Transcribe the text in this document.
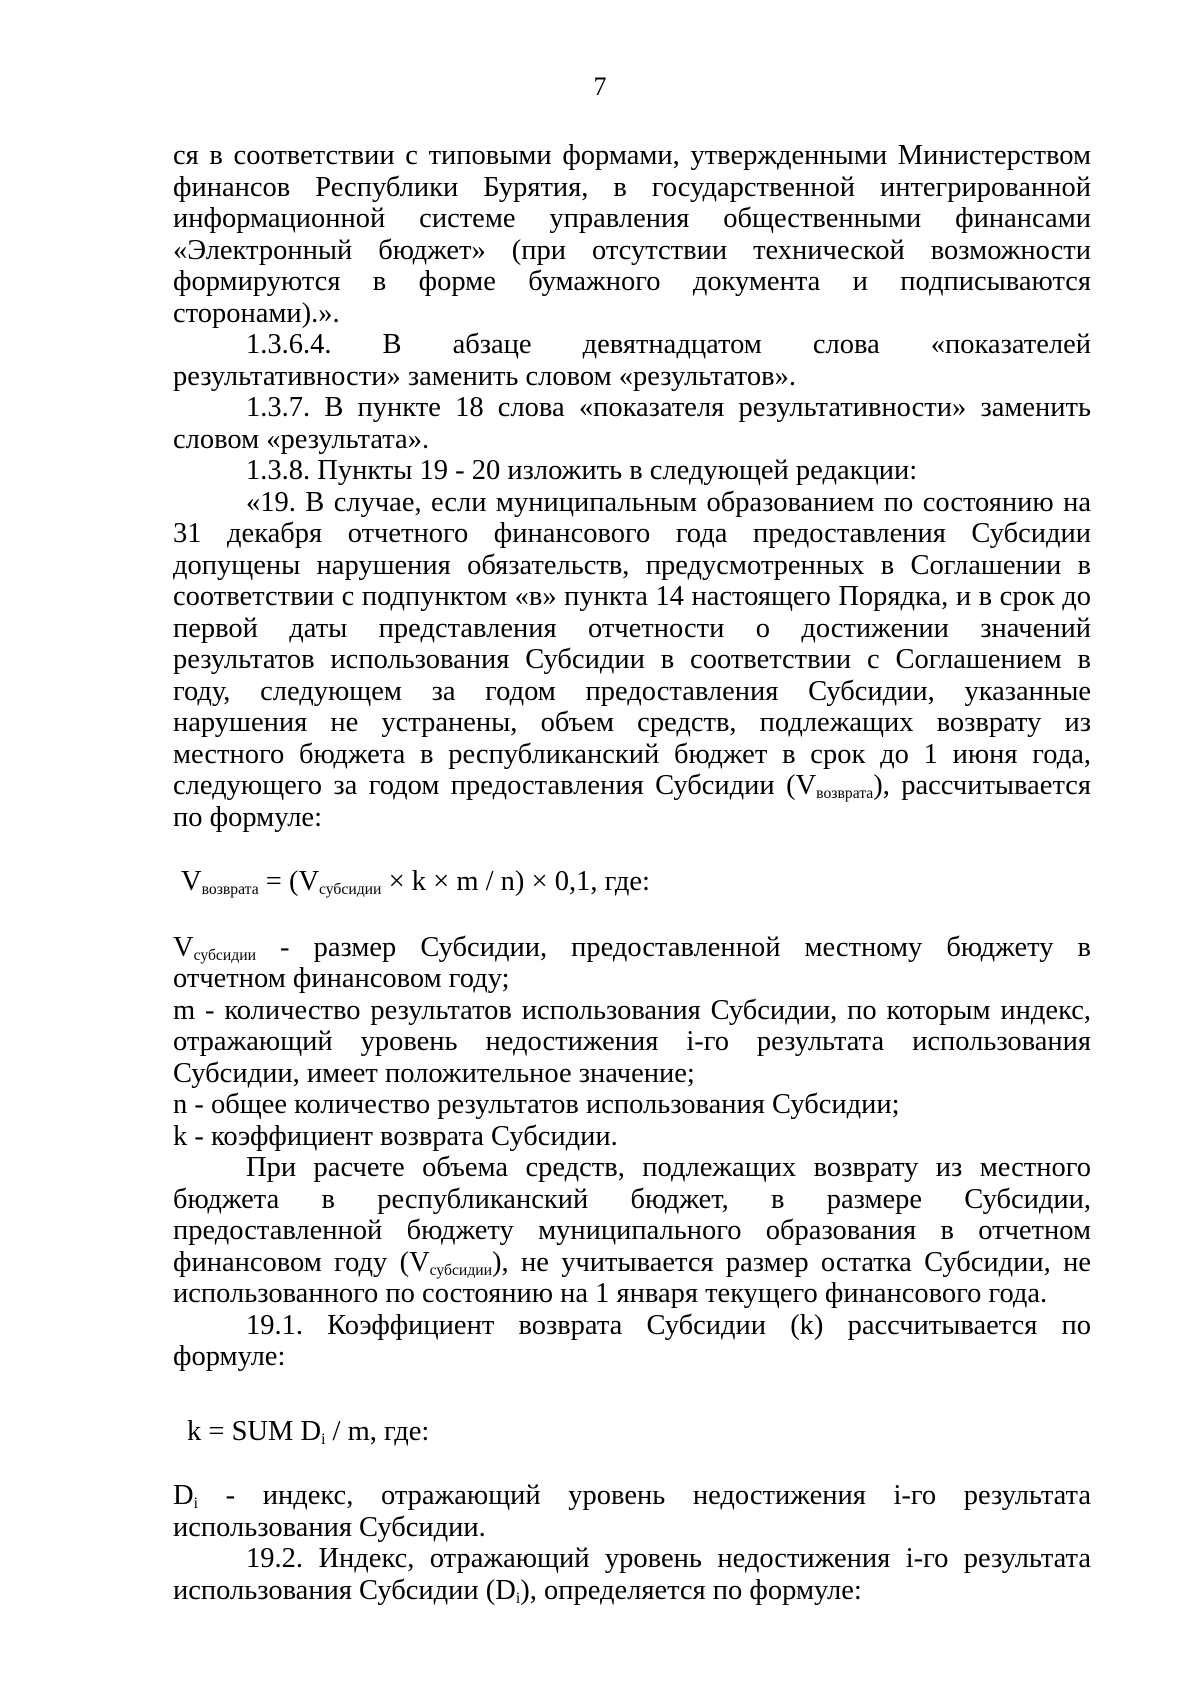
7

ся в соответствии с типовыми формами, утвержденными Министерством финансов Республики Бурятия, в государственной интегрированной информационной системе управления общественными финансами «Электронный бюджет» (при отсутствии технической возможности формируются в форме бумажного документа и подписываются сторонами).».

1.3.6.4. В абзаце девятнадцатом слова «показателей результативности» заменить словом «результатов».

1.3.7. В пункте 18 слова «показателя результативности» заменить словом «результата».

1.3.8. Пункты 19 - 20 изложить в следующей редакции:

«19. В случае, если муниципальным образованием по состоянию на 31 декабря отчетного финансового года предоставления Субсидии допущены нарушения обязательств, предусмотренных в Соглашении в соответствии с подпунктом «в» пункта 14 настоящего Порядка, и в срок до первой даты представления отчетности о достижении значений результатов использования Субсидии в соответствии с Соглашением в году, следующем за годом предоставления Субсидии, указанные нарушения не устранены, объем средств, подлежащих возврату из местного бюджета в республиканский бюджет в срок до 1 июня года, следующего за годом предоставления Субсидии $(V_{возврата})$, рассчитывается по формуле:

$V_{возврата} = (V_{субсидии} \times k \times m / n) \times 0,1$, где:

$V_{субсидии}$ - размер Субсидии, предоставленной местному бюджету в отчетном финансовом году;

m - количество результатов использования Субсидии, по которым индекс, отражающий уровень недостижения i-го результата использования Субсидии, имеет положительное значение;

n - общее количество результатов использования Субсидии;

k - коэффициент возврата Субсидии.

При расчете объема средств, подлежащих возврату из местного бюджета в республиканский бюджет, в размере Субсидии, предоставленной бюджету муниципального образования в отчетном финансовом году $(V_{субсидии})$, не учитывается размер остатка Субсидии, не использованного по состоянию на 1 января текущего финансового года.

19.1. Коэффициент возврата Субсидии (k) рассчитывается по формуле:

k = SUM $D_i$ / m, где:

$D_i$ - индекс, отражающий уровень недостижения i-го результата использования Субсидии.

19.2. Индекс, отражающий уровень недостижения i-го результата использования Субсидии $(D_i)$, определяется по формуле:
